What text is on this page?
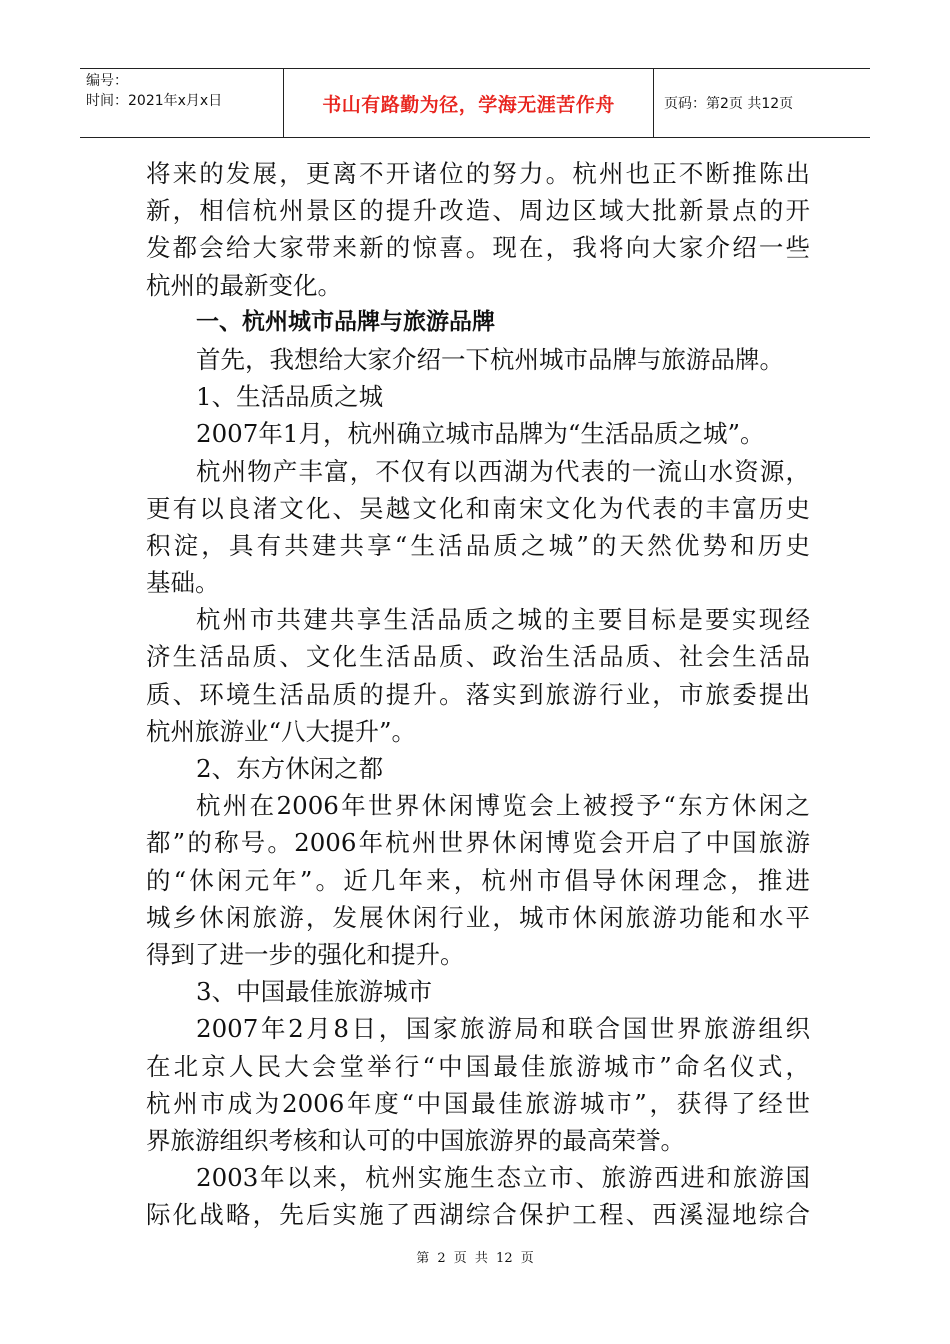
编号：
时间：2021年x月x日	书山有路勤为径，学海无涯苦作舟	页码：第2页 共12页
将来的发展，更离不开诸位的努力。杭州也正不断推陈出
新，相信杭州景区的提升改造、周边区域大批新景点的开
发都会给大家带来新的惊喜。现在，我将向大家介绍一些
杭州的最新变化。
一、杭州城市品牌与旅游品牌
首先，我想给大家介绍一下杭州城市品牌与旅游品牌。
1、生活品质之城
2007年1月，杭州确立城市品牌为“生活品质之城”。
杭州物产丰富，不仅有以西湖为代表的一流山水资源，
更有以良渚文化、吴越文化和南宋文化为代表的丰富历史
积淀，具有共建共享“生活品质之城”的天然优势和历史
基础。
杭州市共建共享生活品质之城的主要目标是要实现经
济生活品质、文化生活品质、政治生活品质、社会生活品
质、环境生活品质的提升。落实到旅游行业，市旅委提出
杭州旅游业“八大提升”。
2、东方休闲之都
杭州在2006年世界休闲博览会上被授予“东方休闲之
都”的称号。2006年杭州世界休闲博览会开启了中国旅游
的“休闲元年”。近几年来，杭州市倡导休闲理念，推进
城乡休闲旅游，发展休闲行业，城市休闲旅游功能和水平
得到了进一步的强化和提升。
3、中国最佳旅游城市
2007年2月8日，国家旅游局和联合国世界旅游组织
在北京人民大会堂举行“中国最佳旅游城市”命名仪式，
杭州市成为2006年度“中国最佳旅游城市”，获得了经世
界旅游组织考核和认可的中国旅游界的最高荣誉。
2003年以来，杭州实施生态立市、旅游西进和旅游国
际化战略，先后实施了西湖综合保护工程、西溪湿地综合
第 2 页 共 12 页
